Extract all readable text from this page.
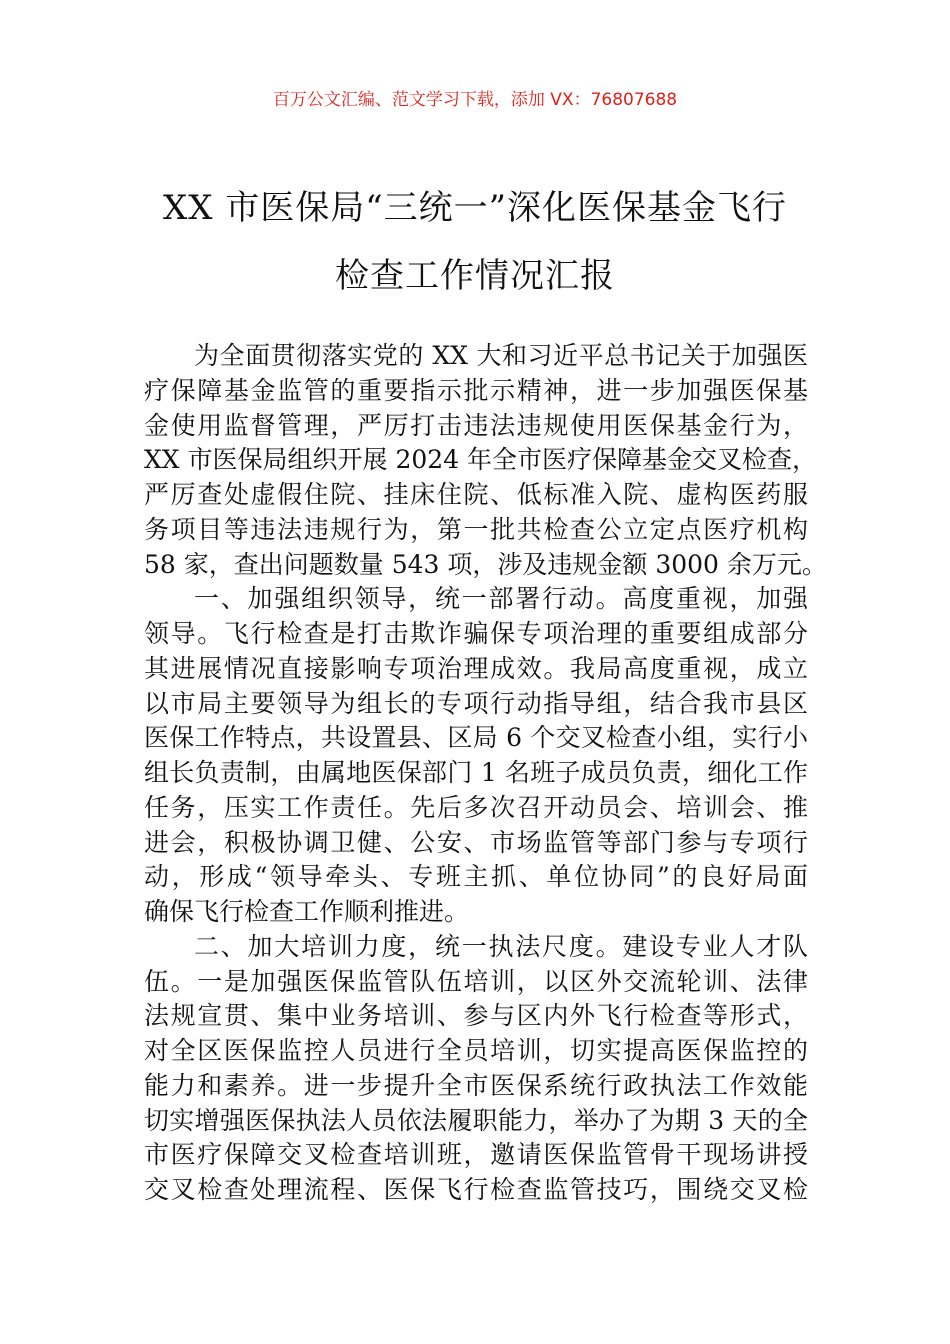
百万公文汇编、范文学习下载，添加 VX：76807688
XX 市医保局“三统一”深化医保基金飞行
检查工作情况汇报
为全面贯彻落实党的 XX 大和习近平总书记关于加强医
疗保障基金监管的重要指示批示精神，进一步加强医保基
金使用监督管理，严厉打击违法违规使用医保基金行为，
XX 市医保局组织开展 2024 年全市医疗保障基金交叉检查，
严厉查处虚假住院、挂床住院、低标准入院、虚构医药服
务项目等违法违规行为，第一批共检查公立定点医疗机构
58 家，查出问题数量 543 项，涉及违规金额 3000 余万元。
一、加强组织领导，统一部署行动。高度重视，加强
领导。飞行检查是打击欺诈骗保专项治理的重要组成部分
其进展情况直接影响专项治理成效。我局高度重视，成立
以市局主要领导为组长的专项行动指导组，结合我市县区
医保工作特点，共设置县、区局 6 个交叉检查小组，实行小
组长负责制，由属地医保部门 1 名班子成员负责，细化工作
任务，压实工作责任。先后多次召开动员会、培训会、推
进会，积极协调卫健、公安、市场监管等部门参与专项行
动，形成“领导牵头、专班主抓、单位协同”的良好局面
确保飞行检查工作顺利推进。
二、加大培训力度，统一执法尺度。建设专业人才队
伍。一是加强医保监管队伍培训，以区外交流轮训、法律
法规宣贯、集中业务培训、参与区内外飞行检查等形式，
对全区医保监控人员进行全员培训，切实提高医保监控的
能力和素养。进一步提升全市医保系统行政执法工作效能
切实增强医保执法人员依法履职能力，举办了为期 3 天的全
市医疗保障交叉检查培训班，邀请医保监管骨干现场讲授
交叉检查处理流程、医保飞行检查监管技巧，围绕交叉检
